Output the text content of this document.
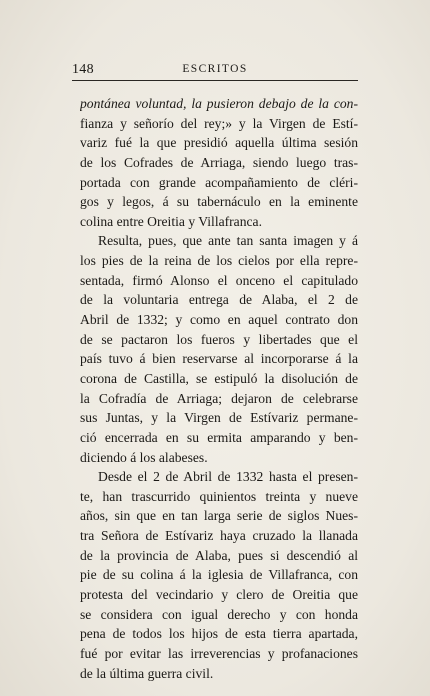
148	ESCRITOS
pontánea voluntad, la pusieron debajo de la con-
fianza y señorío del rey;» y la Virgen de Estí-
variz fué la que presidió aquella última sesión
de los Cofrades de Arriaga, siendo luego tras-
portada con grande acompañamiento de cléri-
gos y legos, á su tabernáculo en la eminente
colina entre Oreitia y Villafranca.
Resulta, pues, que ante tan santa imagen y á
los pies de la reina de los cielos por ella repre-
sentada, firmó Alonso el onceno el capitulado
de la voluntaria entrega de Alaba, el 2 de
Abril de 1332; y como en aquel contrato don
de se pactaron los fueros y libertades que el
país tuvo á bien reservarse al incorporarse á la
corona de Castilla, se estipuló la disolución de
la Cofradía de Arriaga; dejaron de celebrarse
sus Juntas, y la Virgen de Estívariz permane-
ció encerrada en su ermita amparando y ben-
diciendo á los alabeses.
Desde el 2 de Abril de 1332 hasta el presen-
te, han trascurrido quinientos treinta y nueve
años, sin que en tan larga serie de siglos Nues-
tra Señora de Estívariz haya cruzado la llanada
de la provincia de Alaba, pues si descendió al
pie de su colina á la iglesia de Villafranca, con
protesta del vecindario y clero de Oreitia que
se considera con igual derecho y con honda
pena de todos los hijos de esta tierra apartada,
fué por evitar las irreverencias y profanaciones
de la última guerra civil.
